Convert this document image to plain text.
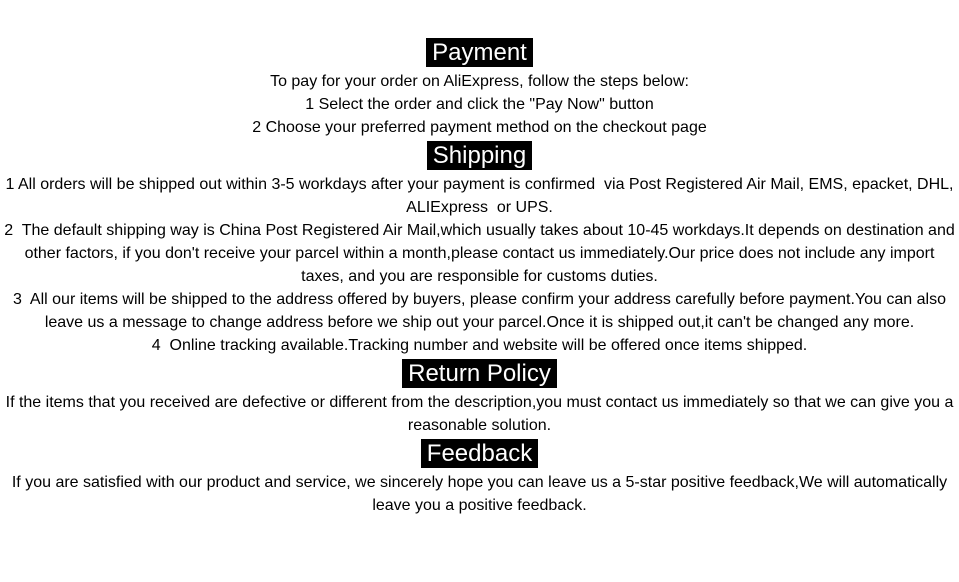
Payment
To pay for your order on AliExpress, follow the steps below:
1 Select the order and click the "Pay Now" button
2 Choose your preferred payment method on the checkout page
Shipping

1 All orders will be shipped out within 3-5 workdays after your payment is confirmed  via Post Registered Air Mail, EMS, epacket, DHL, ALIExpress  or UPS.

2  The default shipping way is China Post Registered Air Mail,which usually takes about 10-45 workdays.It depends on destination and other factors, if you don't receive your parcel within a month,please contact us immediately.Our price does not include any import taxes, and you are responsible for customs duties.

3  All our items will be shipped to the address offered by buyers, please confirm your address carefully before payment.You can also leave us a message to change address before we ship out your parcel.Once it is shipped out,it can't be changed any more.

4  Online tracking available.Tracking number and website will be offered once items shipped.

Return Policy

If the items that you received are defective or different from the description,you must contact us immediately so that we can give you a reasonable solution.

Feedback

If you are satisfied with our product and service, we sincerely hope you can leave us a 5-star positive feedback,We will automatically leave you a positive feedback.
